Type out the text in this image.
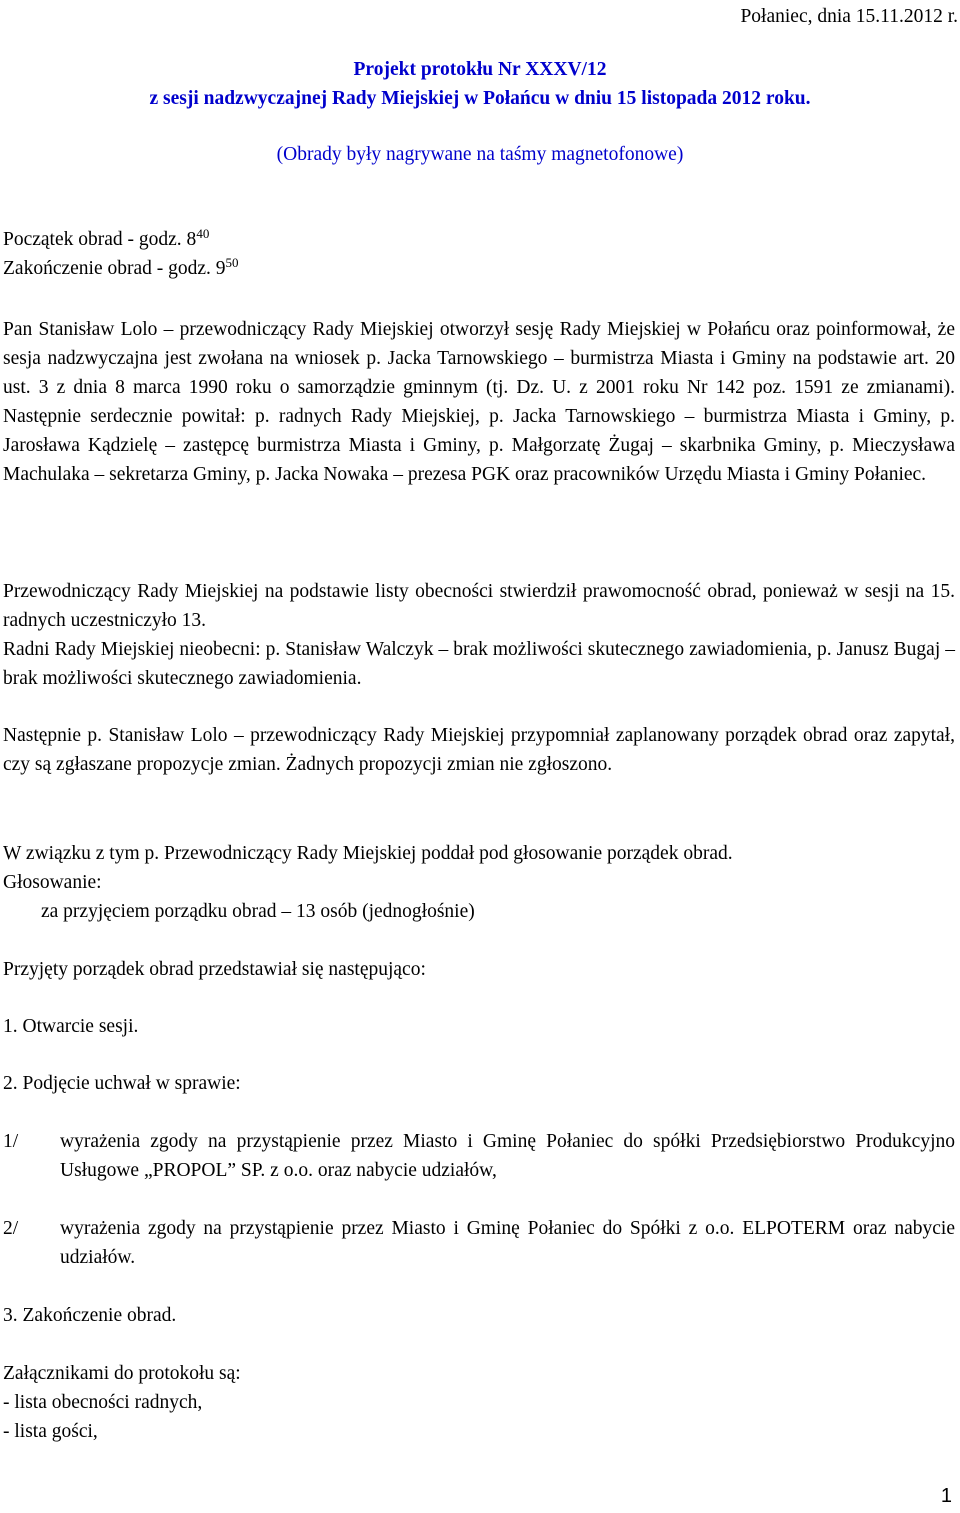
Połaniec, dnia 15.11.2012 r.
Projekt protokłu Nr XXXV/12
z sesji nadzwyczajnej Rady Miejskiej w Połańcu w dniu 15 listopada 2012 roku.
(Obrady były nagrywane na taśmy magnetofonowe)
Początek obrad - godz. $8^{40}$
Zakończenie obrad - godz. $9^{50}$
Pan Stanisław Lolo – przewodniczący Rady Miejskiej otworzył sesję Rady Miejskiej w Połańcu oraz poinformował, że sesja nadzwyczajna jest zwołana na wniosek p. Jacka Tarnowskiego – burmistrza Miasta i Gminy na podstawie art. 20 ust. 3 z dnia 8 marca 1990 roku o samorządzie gminnym (tj. Dz. U. z 2001 roku Nr 142 poz. 1591 ze zmianami). Następnie serdecznie powitał: p. radnych Rady Miejskiej, p. Jacka Tarnowskiego – burmistrza Miasta i Gminy, p. Jarosława Kądzielę – zastępcę burmistrza Miasta i Gminy, p. Małgorzatę Żugaj – skarbnika Gminy, p. Mieczysława Machulaka – sekretarza Gminy, p. Jacka Nowaka – prezesa PGK oraz pracowników Urzędu Miasta i Gminy Połaniec.
Przewodniczący Rady Miejskiej na podstawie listy obecności stwierdził prawomocność obrad, ponieważ w sesji na 15. radnych uczestniczyło 13.
Radni Rady Miejskiej nieobecni: p. Stanisław Walczyk – brak możliwości skutecznego zawiadomienia, p. Janusz Bugaj – brak możliwości skutecznego zawiadomienia.
Następnie p. Stanisław Lolo – przewodniczący Rady Miejskiej przypomniał zaplanowany porządek obrad oraz zapytał, czy są zgłaszane propozycje zmian. Żadnych propozycji zmian nie zgłoszono.
W związku z tym p. Przewodniczący Rady Miejskiej poddał pod głosowanie porządek obrad.
Głosowanie:
za przyjęciem porządku obrad – 13 osób (jednogłośnie)
Przyjęty porządek obrad przedstawiał się następująco:
1. Otwarcie sesji.
2. Podjęcie uchwał w sprawie:
1/	wyrażenia zgody na przystąpienie przez Miasto i Gminę Połaniec do spółki Przedsiębiorstwo Produkcyjno Usługowe „PROPOL” SP. z o.o. oraz nabycie udziałów,
2/	wyrażenia zgody na przystąpienie przez Miasto i Gminę Połaniec do Spółki z o.o. ELPOTERM oraz nabycie udziałów.
3. Zakończenie obrad.
Załącznikami do protokołu są:
- lista obecności radnych,
- lista gości,
1
